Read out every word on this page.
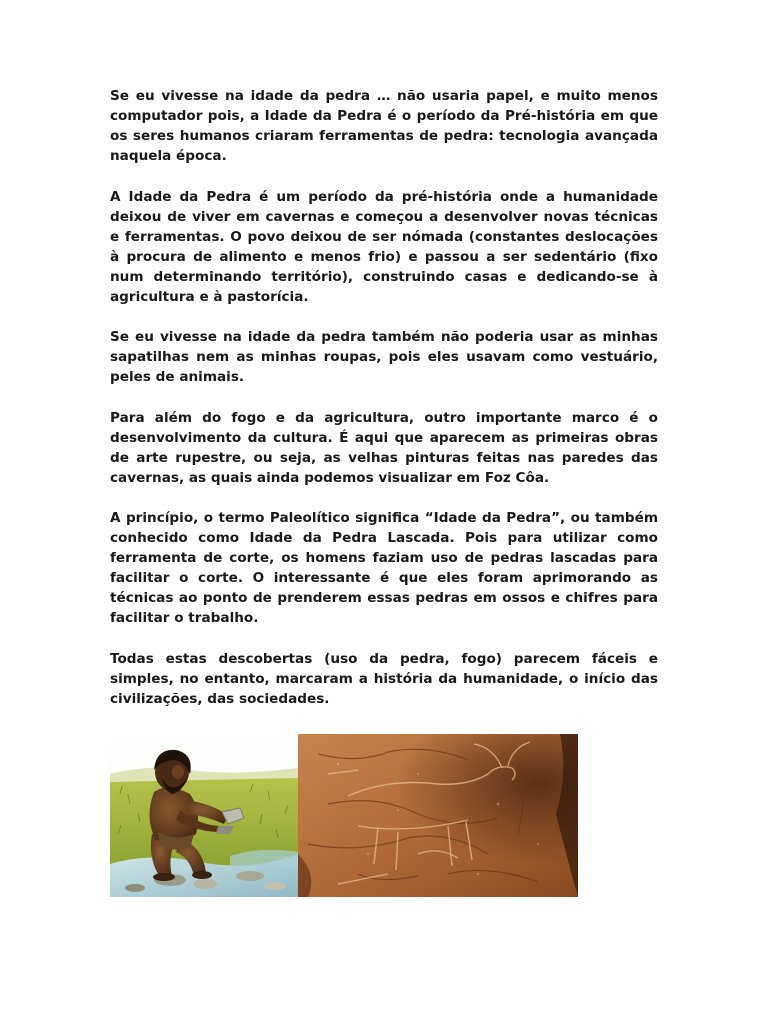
Se eu vivesse na idade da pedra … não usaria papel, e muito menos computador pois, a Idade da Pedra é o período da Pré-história em que os seres humanos criaram ferramentas de pedra: tecnologia avançada naquela época.

A Idade da Pedra é um período da pré-história onde a humanidade deixou de viver em cavernas e começou a desenvolver novas técnicas e ferramentas. O povo deixou de ser nómada (constantes deslocações à procura de alimento e menos frio) e passou a ser sedentário (fixo num determinando território), construindo casas e dedicando-se à agricultura e à pastorícia.

Se eu vivesse na idade da pedra também não poderia usar as minhas sapatilhas nem as minhas roupas, pois eles usavam como vestuário, peles de animais.

Para além do fogo e da agricultura, outro importante marco é o desenvolvimento da cultura. É aqui que aparecem as primeiras obras de arte rupestre, ou seja, as velhas pinturas feitas nas paredes das cavernas, as quais ainda podemos visualizar em Foz Côa.

A princípio, o termo Paleolítico significa “Idade da Pedra”, ou também conhecido como Idade da Pedra Lascada. Pois para utilizar como ferramenta de corte, os homens faziam uso de pedras lascadas para facilitar o corte. O interessante é que eles foram aprimorando as técnicas ao ponto de prenderem essas pedras em ossos e chifres para facilitar o trabalho.

Todas estas descobertas (uso da pedra, fogo) parecem fáceis e simples, no entanto, marcaram a história da humanidade, o início das civilizações, das sociedades.
